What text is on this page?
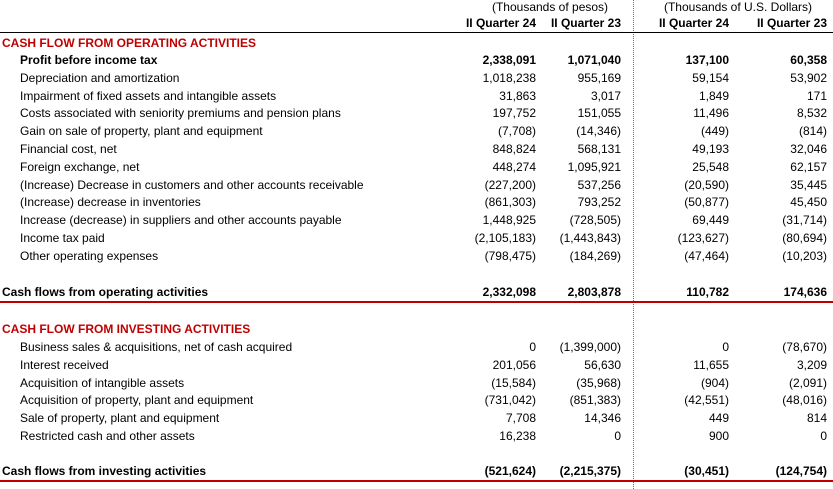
(Thousands of pesos)	(Thousands of U.S. Dollars)
II Quarter 24	II Quarter 23	II Quarter 24	II Quarter 23
CASH FLOW FROM OPERATING ACTIVITIES
Profit before income tax	2,338,091	1,071,040	137,100	60,358
Depreciation and amortization	1,018,238	955,169	59,154	53,902
Impairment of fixed assets and intangible assets	31,863	3,017	1,849	171
Costs associated with seniority premiums and pension plans	197,752	151,055	11,496	8,532
Gain on sale of property, plant and equipment	(7,708)	(14,346)	(449)	(814)
Financial cost, net	848,824	568,131	49,193	32,046
Foreign exchange, net	448,274	1,095,921	25,548	62,157
(Increase) Decrease in customers and other accounts receivable	(227,200)	537,256	(20,590)	35,445
(Increase) decrease in inventories	(861,303)	793,252	(50,877)	45,450
Increase (decrease) in suppliers and other accounts payable	1,448,925	(728,505)	69,449	(31,714)
Income tax paid	(2,105,183) (1,443,843)	(123,627)	(80,694)
Other operating expenses	(798,475)	(184,269)	(47,464)	(10,203)
Cash flows from operating activities	2,332,098	2,803,878	110,782	174,636
CASH FLOW FROM INVESTING ACTIVITIES
Business sales & acquisitions, net of cash acquired	0 (1,399,000)	0	(78,670)
Interest received	201,056	56,630	11,655	3,209
Acquisition of intangible assets	(15,584)	(35,968)	(904)	(2,091)
Acquisition of property, plant and equipment	(731,042)	(851,383)	(42,551)	(48,016)
Sale of property, plant and equipment	7,708	14,346	449	814
Restricted cash and other assets	16,238	0	900	0
Cash flows from investing activities	(521,624) (2,215,375)	(30,451)	(124,754)
